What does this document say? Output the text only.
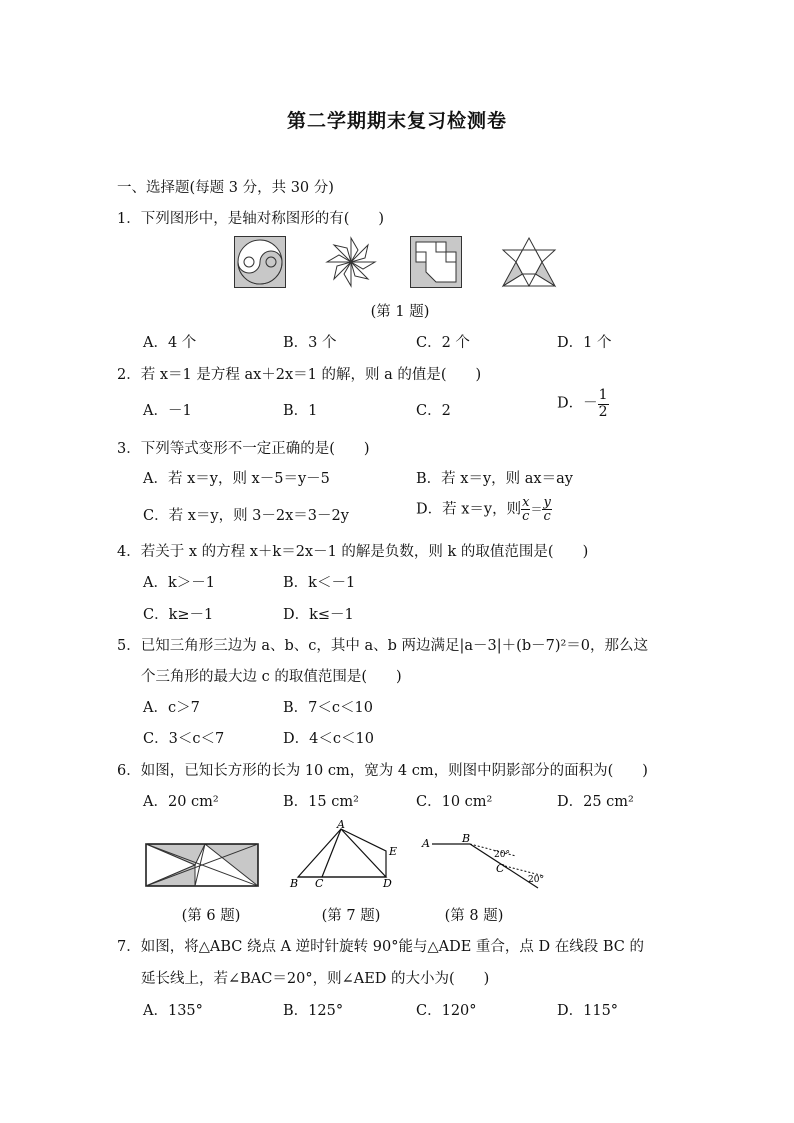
第二学期期末复习检测卷
一、选择题(每题 3 分，共 30 分)
1．下列图形中，是轴对称图形的有(　　)
(第 1 题)
A．4 个	B．3 个	C．2 个	D．1 个
2．若 x＝1 是方程 ax＋2x＝1 的解，则 a 的值是(　　)
A．－1	B．1	C．2	D．－ $\frac{1}{2}$
3．下列等式变形不一定正确的是(　　)
A．若 x＝y，则 x－5＝y－5	B．若 x＝y，则 ax＝ay
C．若 x＝y，则 3－2x＝3－2y	D．若 x＝y，则 $\frac{x}{c} = \frac{y}{c}$
4．若关于 x 的方程 x＋k＝2x－1 的解是负数，则 k 的取值范围是(　　)
A．k＞－1	B．k＜－1
C．k≥－1	D．k≤－1
5．已知三角形三边为 a、b、c，其中 a、b 两边满足|a－3|＋(b－7)²＝0，那么这
个三角形的最大边 c 的取值范围是(　　)
A．c＞7	B．7＜c＜10
C．3＜c＜7	D．4＜c＜10
6．如图，已知长方形的长为 10 cm，宽为 4 cm，则图中阴影部分的面积为(　　)
A．20 cm²	B．15 cm²	C．10 cm²	D．25 cm²
(第 6 题)
A
B C	D
E
(第 7 题)
A	B
C
20°
20°
(第 8 题)
7．如图，将△ABC 绕点 A 逆时针旋转 90°能与△ADE 重合，点 D 在线段 BC 的
延长线上，若∠BAC＝20°，则∠AED 的大小为(　　)
A．135°	B．125°	C．120°	D．115°
